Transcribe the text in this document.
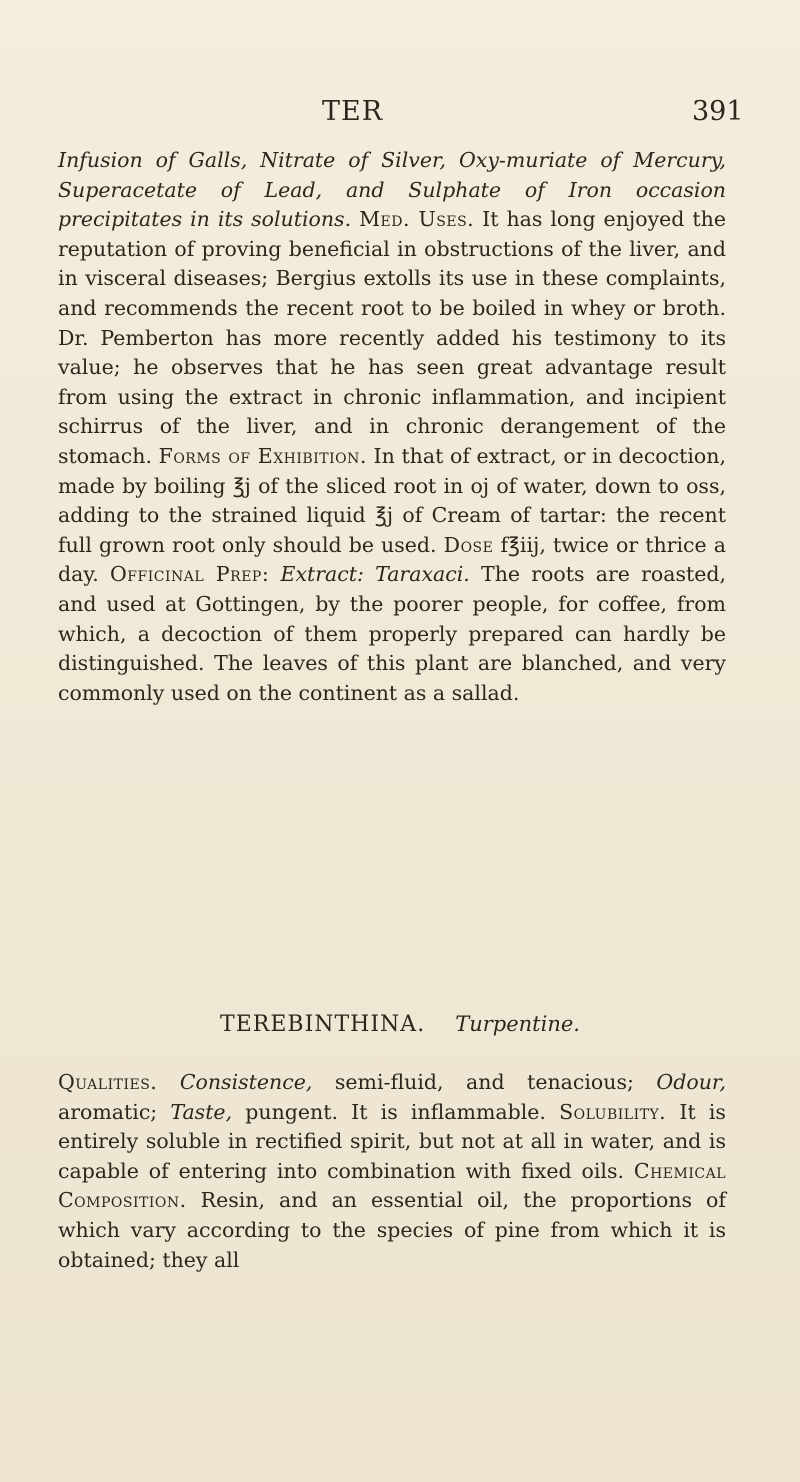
TER	391

Infusion of Galls, Nitrate of Silver, Oxy-muriate of Mercury, Superacetate of Lead, and Sulphate of Iron occasion precipitates in its solutions. Med. Uses. It has long enjoyed the reputation of proving beneficial in obstructions of the liver, and in visceral diseases; Bergius extolls its use in these complaints, and recommends the recent root to be boiled in whey or broth. Dr. Pemberton has more recently added his testimony to its value; he observes that he has seen great advantage result from using the extract in chronic inflammation, and incipient schirrus of the liver, and in chronic derangement of the stomach. Forms of Exhibition. In that of extract, or in decoction, made by boiling ℥j of the sliced root in oj of water, down to oss, adding to the strained liquid ℥j of Cream of tartar: the recent full grown root only should be used. Dose f℥iij, twice or thrice a day. Officinal Prep: Extract: Taraxaci. The roots are roasted, and used at Gottingen, by the poorer people, for coffee, from which, a decoction of them properly prepared can hardly be distinguished. The leaves of this plant are blanched, and very commonly used on the continent as a sallad.

TEREBINTHINA. Turpentine.

Qualities. Consistence, semi-fluid, and tenacious; Odour, aromatic; Taste, pungent. It is inflammable. Solubility. It is entirely soluble in rectified spirit, but not at all in water, and is capable of entering into combination with fixed oils. Chemical Composition. Resin, and an essential oil, the proportions of which vary according to the species of pine from which it is obtained; they all
